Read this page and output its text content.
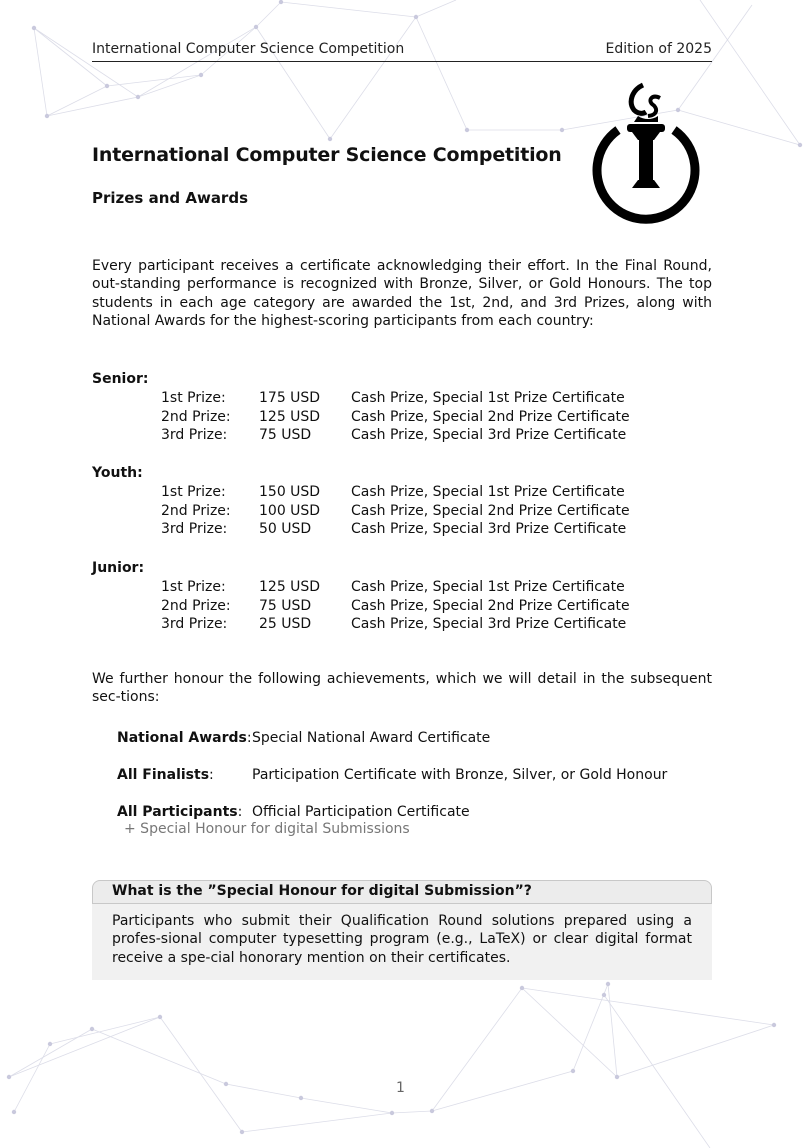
International Computer Science Competition	Edition of 2025
International Computer Science Competition
Prizes and Awards

Every participant receives a certificate acknowledging their effort. In the Final Round, out-standing performance is recognized with Bronze, Silver, or Gold Honours. The top students in each age category are awarded the 1st, 2nd, and 3rd Prizes, along with National Awards for the highest-scoring participants from each country:

Senior:
1st Prize: 175 USD Cash Prize, Special 1st Prize Certificate
2nd Prize: 125 USD Cash Prize, Special 2nd Prize Certificate
3rd Prize: 75 USD	Cash Prize, Special 3rd Prize Certificate
Youth:
1st Prize: 150 USD Cash Prize, Special 1st Prize Certificate
2nd Prize: 100 USD Cash Prize, Special 2nd Prize Certificate
3rd Prize: 50 USD	Cash Prize, Special 3rd Prize Certificate
Junior:
1st Prize: 125 USD Cash Prize, Special 1st Prize Certificate
2nd Prize: 75 USD	Cash Prize, Special 2nd Prize Certificate
3rd Prize: 25 USD	Cash Prize, Special 3rd Prize Certificate

We further honour the following achievements, which we will detail in the subsequent sec-tions:

National Awards: Special National Award Certificate
All Finalists:	Participation Certificate with Bronze, Silver, or Gold Honour
All Participants: Official Participation Certificate
+ Special Honour for digital Submissions
What is the ”Special Honour for digital Submission”?

Participants who submit their Qualification Round solutions prepared using a profes-sional computer typesetting program (e.g., LaTeX) or clear digital format receive a spe-cial honorary mention on their certificates.

1
